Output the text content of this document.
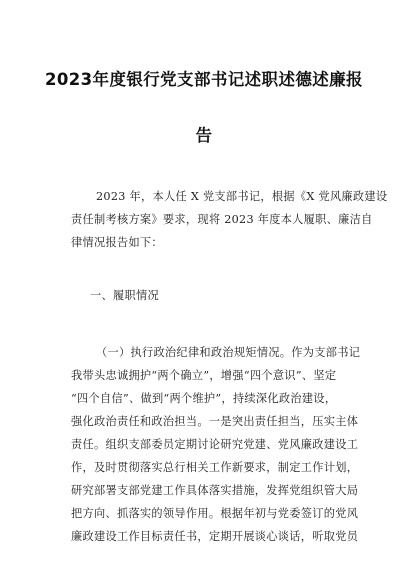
2023年度银行党支部书记述职述德述廉报
告
2023 年，本人任 X 党支部书记，根据《X 党风廉政建设
责任制考核方案》要求，现将 2023 年度本人履职、廉洁自
律情况报告如下：
一、履职情况
（一）执行政治纪律和政治规矩情况。作为支部书记
我带头忠诚拥护“两个确立”，增强“四个意识”、坚定
“四个自信”、做到“两个维护”，持续深化政治建设，
强化政治责任和政治担当。一是突出责任担当，压实主体
责任。组织支部委员定期讨论研究党建、党风廉政建设工
作，及时贯彻落实总行相关工作新要求，制定工作计划，
研究部署支部党建工作具体落实措施，发挥党组织管大局
把方向、抓落实的领导作用。根据年初与党委签订的党风
廉政建设工作目标责任书，定期开展谈心谈话，听取党员
